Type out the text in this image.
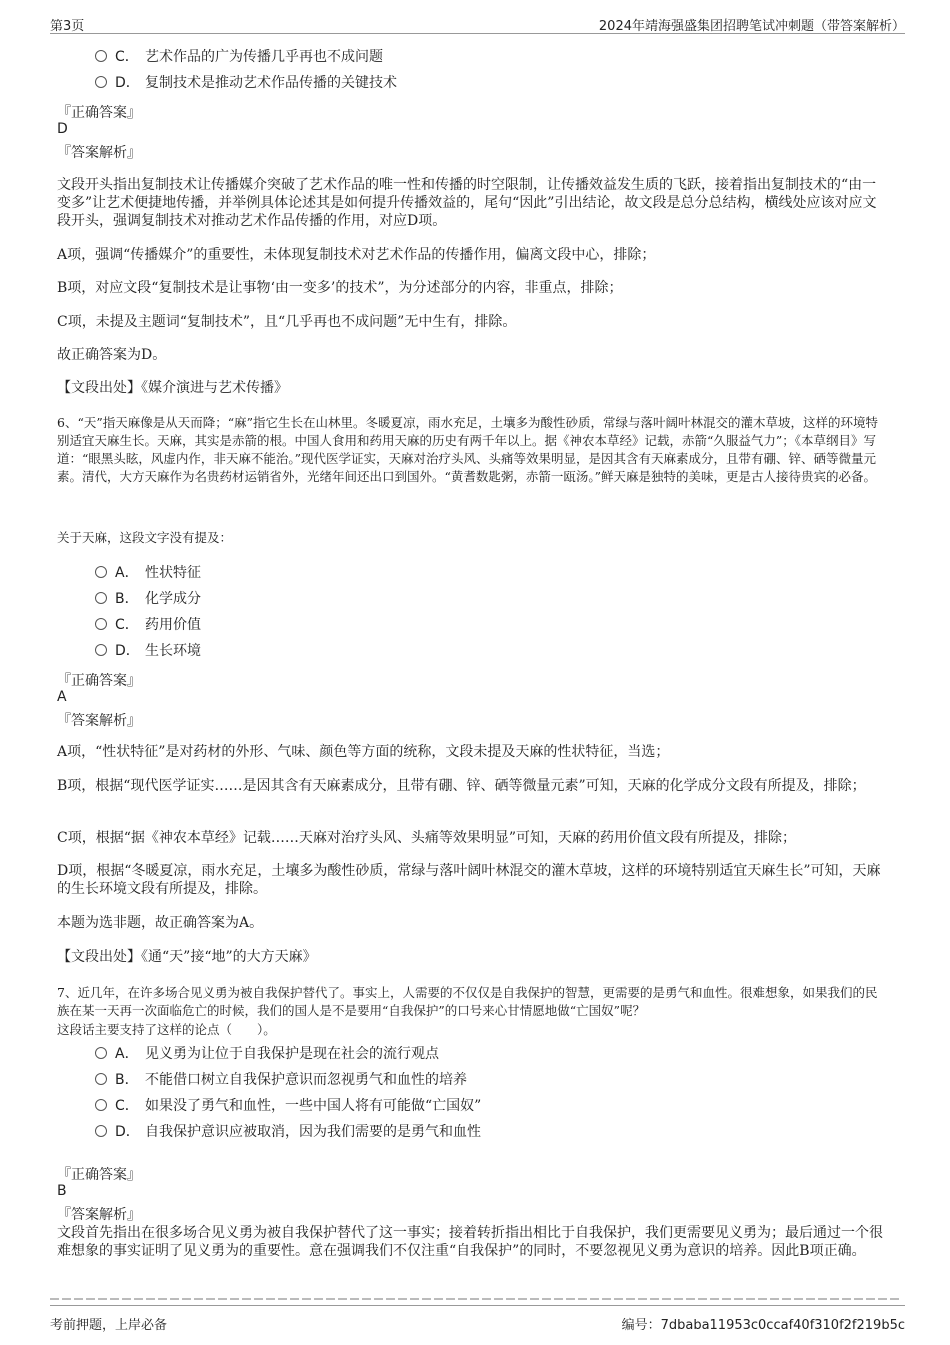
第3页	2024年靖海强盛集团招聘笔试冲刺题（带答案解析）
C． 艺术作品的广为传播几乎再也不成问题
D． 复制技术是推动艺术作品传播的关键技术
『正确答案』
D
『答案解析』

文段开头指出复制技术让传播媒介突破了艺术作品的唯一性和传播的时空限制，让传播效益发生质的飞跃，接着指出复制技术的“由一变多”让艺术便捷地传播，并举例具体论述其是如何提升传播效益的，尾句“因此”引出结论，故文段是总分总结构，横线处应该对应文段开头，强调复制技术对推动艺术作品传播的作用，对应D项。

A项，强调“传播媒介”的重要性，未体现复制技术对艺术作品的传播作用，偏离文段中心，排除；

B项，对应文段“复制技术是让事物‘由一变多’的技术”，为分述部分的内容，非重点，排除；

C项，未提及主题词“复制技术”，且“几乎再也不成问题”无中生有，排除。

故正确答案为D。

【文段出处】《媒介演进与艺术传播》

6、“天”指天麻像是从天而降；“麻”指它生长在山林里。冬暖夏凉，雨水充足，土壤多为酸性砂质，常绿与落叶阔叶林混交的灌木草坡，这样的环境特别适宜天麻生长。天麻，其实是赤箭的根。中国人食用和药用天麻的历史有两千年以上。据《神农本草经》记载，赤箭“久服益气力”；《本草纲目》写道：“眼黑头眩，风虚内作，非天麻不能治。”现代医学证实，天麻对治疗头风、头痛等效果明显，是因其含有天麻素成分，且带有硼、锌、硒等微量元素。清代，大方天麻作为名贵药材运销省外，光绪年间还出口到国外。“黄耆数匙粥，赤箭一瓯汤。”鲜天麻是独特的美味，更是古人接待贵宾的必备。

关于天麻，这段文字没有提及：

A． 性状特征
B． 化学成分
C． 药用价值
D． 生长环境
『正确答案』
A
『答案解析』

A项，“性状特征”是对药材的外形、气味、颜色等方面的统称，文段未提及天麻的性状特征，当选；

B项，根据“现代医学证实……是因其含有天麻素成分，且带有硼、锌、硒等微量元素”可知，天麻的化学成分文段有所提及，排除；

C项，根据“据《神农本草经》记载……天麻对治疗头风、头痛等效果明显”可知，天麻的药用价值文段有所提及，排除；

D项，根据“冬暖夏凉，雨水充足，土壤多为酸性砂质，常绿与落叶阔叶林混交的灌木草坡，这样的环境特别适宜天麻生长”可知，天麻的生长环境文段有所提及，排除。

本题为选非题，故正确答案为A。

【文段出处】《通“天”接“地”的大方天麻》

7、近几年，在许多场合见义勇为被自我保护替代了。事实上，人需要的不仅仅是自我保护的智慧，更需要的是勇气和血性。很难想象，如果我们的民族在某一天再一次面临危亡的时候，我们的国人是不是要用“自我保护”的口号来心甘情愿地做“亡国奴”呢？

这段话主要支持了这样的论点（　　）。

A． 见义勇为让位于自我保护是现在社会的流行观点
B． 不能借口树立自我保护意识而忽视勇气和血性的培养
C． 如果没了勇气和血性，一些中国人将有可能做“亡国奴”
D． 自我保护意识应被取消，因为我们需要的是勇气和血性
『正确答案』
B
『答案解析』

文段首先指出在很多场合见义勇为被自我保护替代了这一事实；接着转折指出相比于自我保护，我们更需要见义勇为；最后通过一个很难想象的事实证明了见义勇为的重要性。意在强调我们不仅注重“自我保护”的同时，不要忽视见义勇为意识的培养。因此B项正确。

考前押题，上岸必备	编号：7dbaba11953c0ccaf40f310f2f219b5c
